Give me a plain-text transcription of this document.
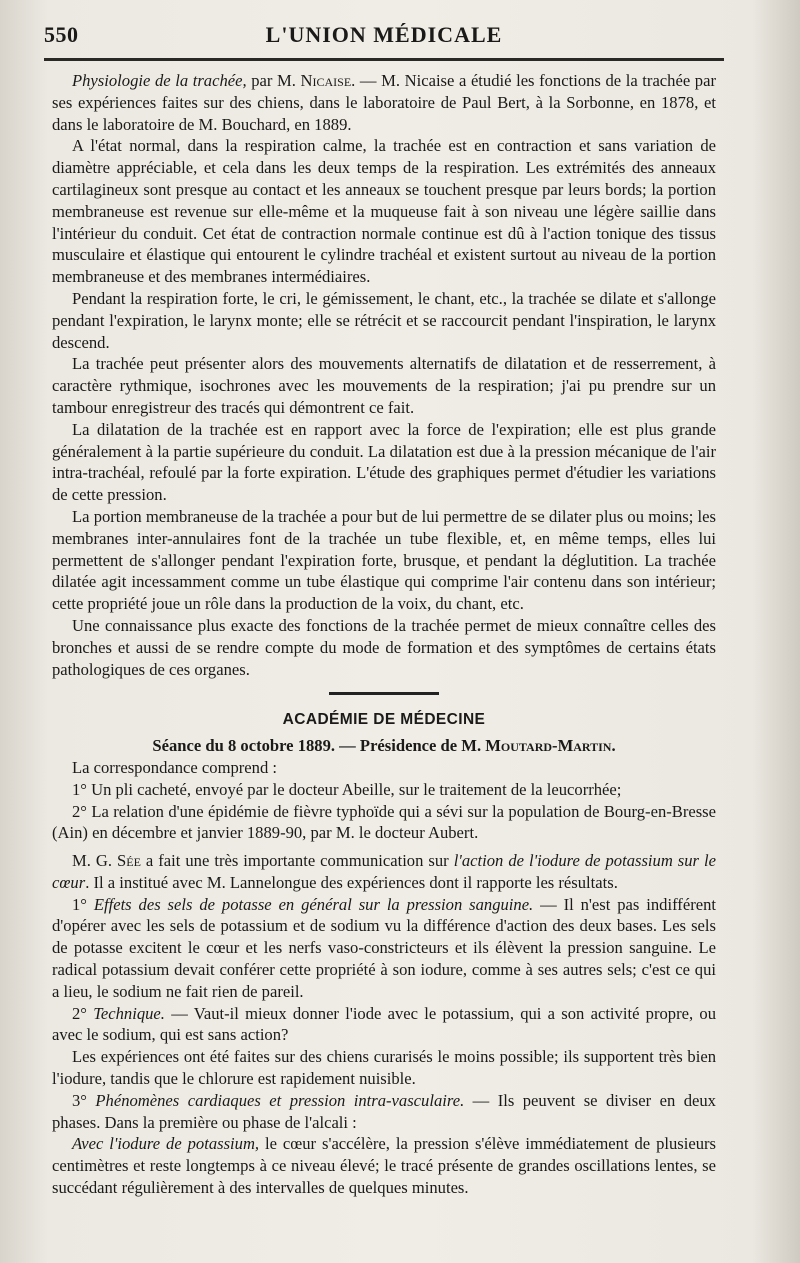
550	L'UNION MÉDICALE

Physiologie de la trachée, par M. Nicaise. — M. Nicaise a étudié les fonctions de la trachée par ses expériences faites sur des chiens, dans le laboratoire de Paul Bert, à la Sorbonne, en 1878, et dans le laboratoire de M. Bouchard, en 1889.

A l'état normal, dans la respiration calme, la trachée est en contraction et sans variation de diamètre appréciable, et cela dans les deux temps de la respiration. Les extrémités des anneaux cartilagineux sont presque au contact et les anneaux se touchent presque par leurs bords; la portion membraneuse est revenue sur elle-même et la muqueuse fait à son niveau une légère saillie dans l'intérieur du conduit. Cet état de contraction normale continue est dû à l'action tonique des tissus musculaire et élastique qui entourent le cylindre trachéal et existent surtout au niveau de la portion membraneuse et des membranes intermédiaires.

Pendant la respiration forte, le cri, le gémissement, le chant, etc., la trachée se dilate et s'allonge pendant l'expiration, le larynx monte; elle se rétrécit et se raccourcit pendant l'inspiration, le larynx descend.

La trachée peut présenter alors des mouvements alternatifs de dilatation et de resserrement, à caractère rythmique, isochrones avec les mouvements de la respiration; j'ai pu prendre sur un tambour enregistreur des tracés qui démontrent ce fait.

La dilatation de la trachée est en rapport avec la force de l'expiration; elle est plus grande généralement à la partie supérieure du conduit. La dilatation est due à la pression mécanique de l'air intra-trachéal, refoulé par la forte expiration. L'étude des graphiques permet d'étudier les variations de cette pression.

La portion membraneuse de la trachée a pour but de lui permettre de se dilater plus ou moins; les membranes inter-annulaires font de la trachée un tube flexible, et, en même temps, elles lui permettent de s'allonger pendant l'expiration forte, brusque, et pendant la déglutition. La trachée dilatée agit incessamment comme un tube élastique qui comprime l'air contenu dans son intérieur; cette propriété joue un rôle dans la production de la voix, du chant, etc.

Une connaissance plus exacte des fonctions de la trachée permet de mieux connaître celles des bronches et aussi de se rendre compte du mode de formation et des symptômes de certains états pathologiques de ces organes.

ACADÉMIE DE MÉDECINE

Séance du 8 octobre 1889. — Présidence de M. Moutard-Martin.

La correspondance comprend :

1° Un pli cacheté, envoyé par le docteur Abeille, sur le traitement de la leucorrhée;

2° La relation d'une épidémie de fièvre typhoïde qui a sévi sur la population de Bourg-en-Bresse (Ain) en décembre et janvier 1889-90, par M. le docteur Aubert.

M. G. Sée a fait une très importante communication sur l'action de l'iodure de potassium sur le cœur. Il a institué avec M. Lannelongue des expériences dont il rapporte les résultats.

1° Effets des sels de potasse en général sur la pression sanguine. — Il n'est pas indifférent d'opérer avec les sels de potassium et de sodium vu la différence d'action des deux bases. Les sels de potasse excitent le cœur et les nerfs vaso-constricteurs et ils élèvent la pression sanguine. Le radical potassium devait conférer cette propriété à son iodure, comme à ses autres sels; c'est ce qui a lieu, le sodium ne fait rien de pareil.

2° Technique. — Vaut-il mieux donner l'iode avec le potassium, qui a son activité propre, ou avec le sodium, qui est sans action?

Les expériences ont été faites sur des chiens curarisés le moins possible; ils supportent très bien l'iodure, tandis que le chlorure est rapidement nuisible.

3° Phénomènes cardiaques et pression intra-vasculaire. — Ils peuvent se diviser en deux phases. Dans la première ou phase de l'alcali :

Avec l'iodure de potassium, le cœur s'accélère, la pression s'élève immédiatement de plusieurs centimètres et reste longtemps à ce niveau élevé; le tracé présente de grandes oscillations lentes, se succédant régulièrement à des intervalles de quelques minutes.
